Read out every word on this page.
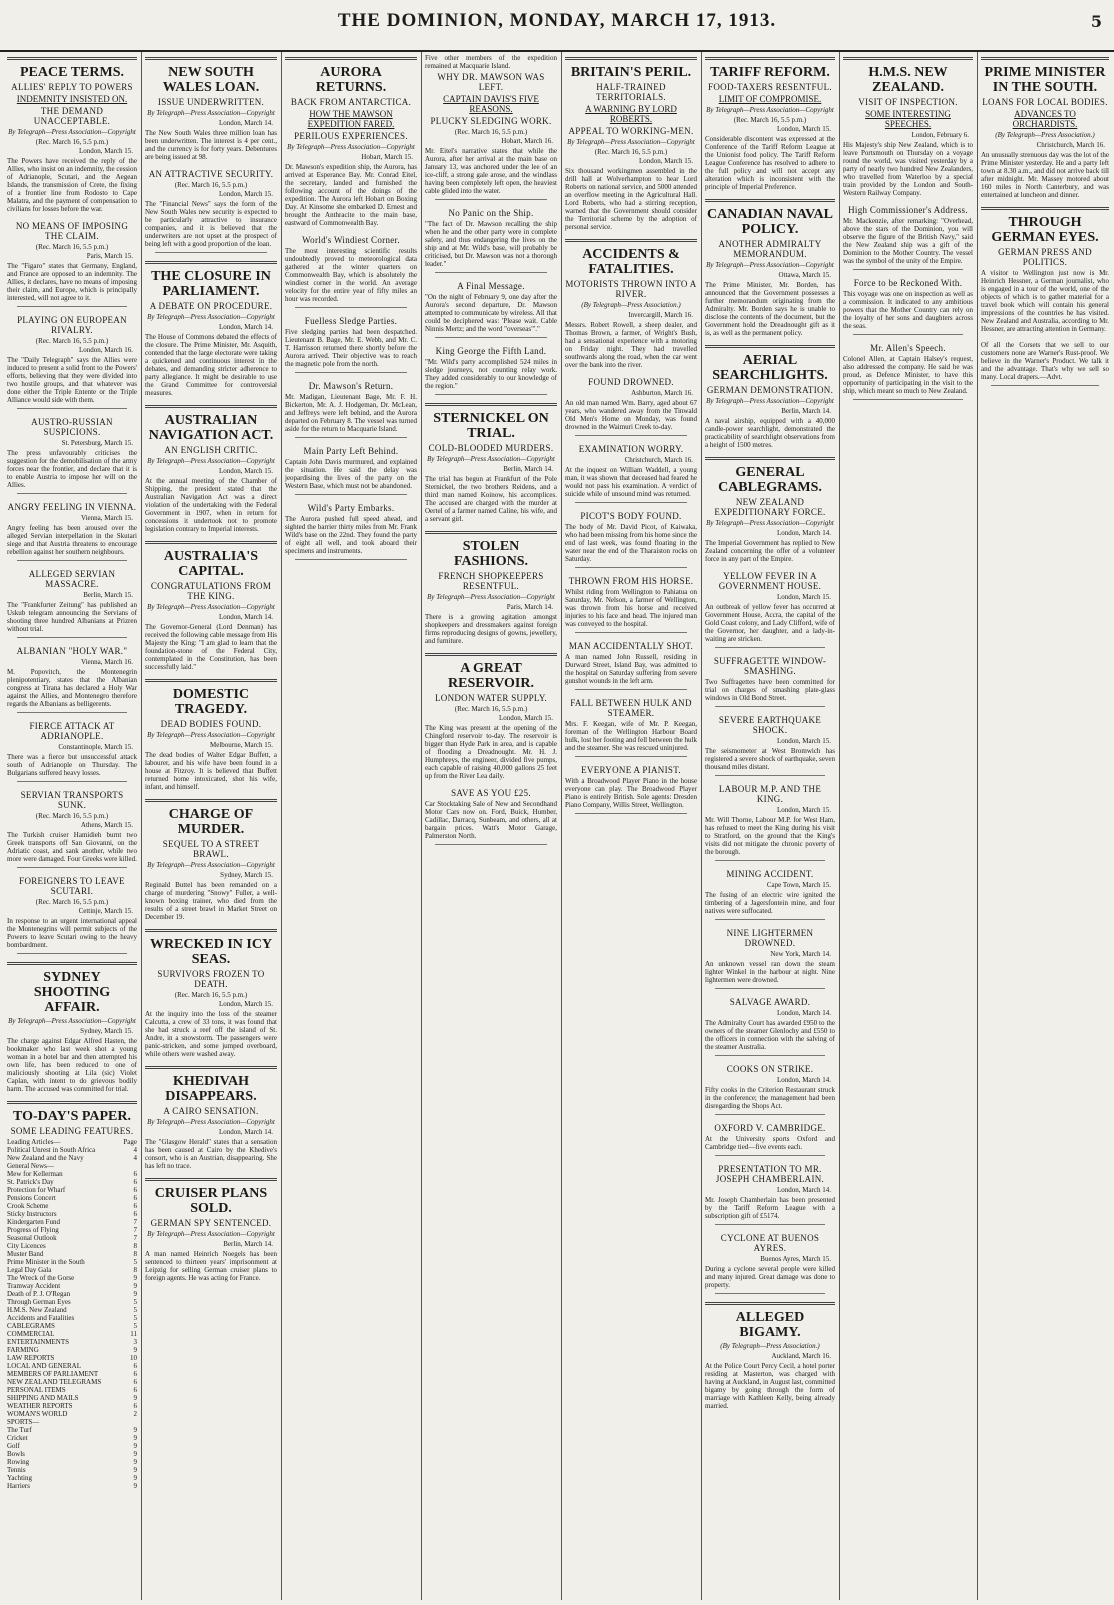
THE DOMINION, MONDAY, MARCH 17, 1913.	5
PEACE TERMS.
ALLIES' REPLY TO POWERS
INDEMNITY INSISTED ON.
THE DEMAND UNACCEPTABLE.
By Telegraph—Press Association—Copyright
(Rec. March 16, 5.5 p.m.)
London, March 15.
The Powers have received the reply of the Allies, who insist on an indemnity, the cession of Adrianople, Scutari, and the Aegean Islands, the transmission of Crete, the fixing of a frontier line from Rodosto to Cape Malatra, and the payment of compensation to civilians for losses before the war.
NO MEANS OF IMPOSING THE CLAIM.
(Rec. March 16, 5.5 p.m.)
Paris, March 15.
The "Figaro" states that Germany, England, and France are opposed to an indemnity. The Allies, it declares, have no means of imposing their claim, and Europe, which is principally interested, will not agree to it.
PLAYING ON EUROPEAN RIVALRY.
(Rec. March 16, 5.5 p.m.)
London, March 16.
The "Daily Telegraph" says the Allies were induced to present a solid front to the Powers' efforts, believing that they were divided into two hostile groups, and that whatever was done either the Triple Entente or the Triple Alliance would side with them.
AUSTRO-RUSSIAN SUSPICIONS.
St. Petersburg, March 15.
The press unfavourably criticises the suggestion for the demobilisation of the army forces near the frontier, and declare that it is to enable Austria to impose her will on the Allies.
ANGRY FEELING IN VIENNA.
Vienna, March 15.
Angry feeling has been aroused over the alleged Servian interpellation in the Skutari siege and that Austria threatens to encourage rebellion against her southern neighbours.
ALLEGED SERVIAN MASSACRE.
Berlin, March 15.
The "Frankfurter Zeitung" has published an Uskub telegram announcing the Servians of shooting three hundred Albanians at Prizren without trial.
ALBANIAN "HOLY WAR."
Vienna, March 16.
M. Popovitch, the Montenegrin plenipotentiary, states that the Albanian congress at Tirana has declared a Holy War against the Allies, and Montenegro therefore regards the Albanians as belligerents.
FIERCE ATTACK AT ADRIANOPLE.
Constantinople, March 15.
There was a fierce but unsuccessful attack south of Adrianople on Thursday. The Bulgarians suffered heavy losses.
SERVIAN TRANSPORTS SUNK.
(Rec. March 16, 5.5 p.m.)
Athens, March 15.
The Turkish cruiser Hamidieh burnt two Greek transports off San Giovanni, on the Adriatic coast, and sank another, while two more were damaged. Four Greeks were killed.
FOREIGNERS TO LEAVE SCUTARI.
(Rec. March 16, 5.5 p.m.)
Cettinje, March 15.
In response to an urgent international appeal the Montenegrins will permit subjects of the Powers to leave Scutari owing to the heavy bombardment.
SYDNEY SHOOTING AFFAIR.
By Telegraph—Press Association—Copyright
Sydney, March 15.
The charge against Edgar Alfred Hasten, the bookmaker who last week shot a young woman in a hotel bar and then attempted his own life, has been reduced to one of maliciously shooting at Lila (sic) Violet Caplan, with intent to do grievous bodily harm. The accused was committed for trial.
TO-DAY'S PAPER.
SOME LEADING FEATURES.
Leading Articles—	Page
Political Unrest in South Africa	4
New Zealand and the Navy	4
General News—
Mew for Kellerman	6
St. Patrick's Day	6
Protection for Wharf	6
Pensions Concert	6
Crook Scheme	6
Sticky Instructors	6
Kindergarten Fund	7
Progress of Flying	7
Seasonal Outlook	7
City Licences	8
Muster Band	8
Prime Minister in the South	5
Legal Day Gala	8
The Wreck of the Gorse	9
Tramway Accident	9
Death of P. J. O'Regan	9
Through German Eyes	5
H.M.S. New Zealand	5
Accidents and Fatalities	5
CABLEGRAMS	5
COMMERCIAL	11
ENTERTAINMENTS	3
FARMING	9
LAW REPORTS	10
LOCAL AND GENERAL	6
MEMBERS OF PARLIAMENT	6
NEW ZEALAND TELEGRAMS	6
PERSONAL ITEMS	6
SHIPPING AND MAILS	9
WEATHER REPORTS	6
WOMAN'S WORLD	2
SPORTS—
The Turf	9
Cricket	9
Golf	9
Bowls	9
Rowing	9
Tennis	9
Yachting	9
Harriers	9
NEW SOUTH WALES LOAN.
ISSUE UNDERWRITTEN.
By Telegraph—Press Association—Copyright
London, March 14.
The New South Wales three million loan has been underwritten. The interest is 4 per cent., and the currency is for forty years. Debentures are being issued at 98.
AN ATTRACTIVE SECURITY.
(Rec. March 16, 5.5 p.m.)
London, March 15.
The "Financial News" says the form of the New South Wales new security is expected to be particularly attractive to insurance companies, and it is believed that the underwriters are not upset at the prospect of being left with a good proportion of the loan.
THE CLOSURE IN PARLIAMENT.
A DEBATE ON PROCEDURE.
By Telegraph—Press Association—Copyright
London, March 14.
The House of Commons debated the effects of the closure. The Prime Minister, Mr. Asquith, contended that the large electorate were taking a quickened and continuous interest in the debates, and demanding stricter adherence to party allegiance. It might be desirable to use the Grand Committee for controversial measures.
AUSTRALIAN NAVIGATION ACT.
AN ENGLISH CRITIC.
By Telegraph—Press Association—Copyright
London, March 15.
At the annual meeting of the Chamber of Shipping, the president stated that the Australian Navigation Act was a direct violation of the undertaking with the Federal Government in 1907, when in return for concessions it undertook not to promote legislation contrary to Imperial interests.
AUSTRALIA'S CAPITAL.
CONGRATULATIONS FROM THE KING.
By Telegraph—Press Association—Copyright
London, March 14.
The Governor-General (Lord Denman) has received the following cable message from His Majesty the King: "I am glad to learn that the foundation-stone of the Federal City, contemplated in the Constitution, has been successfully laid."
DOMESTIC TRAGEDY.
DEAD BODIES FOUND.
By Telegraph—Press Association—Copyright
Melbourne, March 15.
The dead bodies of Walter Edgar Buffett, a labourer, and his wife have been found in a house at Fitzroy. It is believed that Buffett returned home intoxicated, shot his wife, infant, and himself.
CHARGE OF MURDER.
SEQUEL TO A STREET BRAWL.
By Telegraph—Press Association—Copyright
Sydney, March 15.
Reginald Buttel has been remanded on a charge of murdering "Snowy" Fuller, a well-known boxing trainer, who died from the results of a street brawl in Market Street on December 19.
WRECKED IN ICY SEAS.
SURVIVORS FROZEN TO DEATH.
(Rec. March 16, 5.5 p.m.)
London, March 15.
At the inquiry into the loss of the steamer Calcutta, a crew of 33 tons, it was found that she had struck a reef off the island of St. Andre, in a snowstorm. The passengers were panic-stricken, and some jumped overboard, while others were washed away.
KHEDIVAH DISAPPEARS.
A CAIRO SENSATION.
By Telegraph—Press Association—Copyright
London, March 14.
The "Glasgow Herald" states that a sensation has been caused at Cairo by the Khedive's consort, who is an Austrian, disappearing. She has left no trace.
CRUISER PLANS SOLD.
GERMAN SPY SENTENCED.
By Telegraph—Press Association—Copyright
Berlin, March 14.
A man named Heinrich Noegels has been sentenced to thirteen years' imprisonment at Leipzig for selling German cruiser plans to foreign agents. He was acting for France.
AURORA RETURNS.
BACK FROM ANTARCTICA.
HOW THE MAWSON EXPEDITION FARED.
PERILOUS EXPERIENCES.
By Telegraph—Press Association—Copyright
Hobart, March 15.
Dr. Mawson's expedition ship, the Aurora, has arrived at Esperance Bay. Mr. Conrad Eitel, the secretary, landed and furnished the following account of the doings of the expedition. The Aurora left Hobart on Boxing Day. At Kinsome she embarked D. Ernest and brought the Anthracite to the main base, eastward of Commonwealth Bay.
World's Windiest Corner.
The most interesting scientific results undoubtedly proved to meteorological data gathered at the winter quarters on Commonwealth Bay, which is absolutely the windiest corner in the world. An average velocity for the entire year of fifty miles an hour was recorded.
Fuelless Sledge Parties.
Five sledging parties had been despatched. Lieutenant B. Bage, Mr. E. Webb, and Mr. C. T. Harrisson returned there shortly before the Aurora arrived. Their objective was to reach the magnetic pole from the north.
Dr. Mawson's Return.
Mr. Madigan, Lieutenant Bage, Mr. F. H. Bickerton, Mr. A. J. Hodgeman, Dr. McLean, and Jeffreys were left behind, and the Aurora departed on February 8. The vessel was turned aside for the return to Macquarie Island.
Main Party Left Behind.
Captain John Davis murmured, and explained the situation. He said the delay was jeopardising the lives of the party on the Western Base, which must not be abandoned.
Wild's Party Embarks.
The Aurora pushed full speed ahead, and sighted the barrier thirty miles from Mr. Frank Wild's base on the 22nd. They found the party of eight all well, and took aboard their specimens and instruments.
Five other members of the expedition remained at Macquarie Island.
WHY DR. MAWSON WAS LEFT.
CAPTAIN DAVIS'S FIVE REASONS.
PLUCKY SLEDGING WORK.
(Rec. March 16, 5.5 p.m.)
Hobart, March 16.
Mr. Eitel's narrative states that while the Aurora, after her arrival at the main base on January 13, was anchored under the lee of an ice-cliff, a strong gale arose, and the windlass having been completely left open, the heaviest cable glided into the water.
No Panic on the Ship.
"The fact of Dr. Mawson recalling the ship when he and the other party were in complete safety, and thus endangering the lives on the ship and at Mr. Wild's base, will probably be criticised, but Dr. Mawson was not a thorough leader."
A Final Message.
"On the night of February 9, one day after the Aurora's second departure, Dr. Mawson attempted to communicate by wireless. All that could be deciphered was: 'Please wait. Cable Ninnis Mertz; and the word "overseas"'."
King George the Fifth Land.
"Mr. Wild's party accomplished 524 miles in sledge journeys, not counting relay work. They added considerably to our knowledge of the region."
STERNICKEL ON TRIAL.
COLD-BLOODED MURDERS.
By Telegraph—Press Association—Copyright
Berlin, March 14.
The trial has begun at Frankfurt of the Pole Sternickel, the two brothers Reidens, and a third man named Koinow, his accomplices. The accused are charged with the murder at Oertel of a farmer named Caline, his wife, and a servant girl.
STOLEN FASHIONS.
FRENCH SHOPKEEPERS RESENTFUL.
By Telegraph—Press Association—Copyright
Paris, March 14.
There is a growing agitation amongst shopkeepers and dressmakers against foreign firms reproducing designs of gowns, jewellery, and furniture.
A GREAT RESERVOIR.
LONDON WATER SUPPLY.
(Rec. March 16, 5.5 p.m.)
London, March 15.
The King was present at the opening of the Chingford reservoir to-day. The reservoir is bigger than Hyde Park in area, and is capable of flooding a Dreadnought. Mr. H. J. Humphreys, the engineer, divided five pumps, each capable of raising 40,000 gallons 25 feet up from the River Lea daily.
SAVE AS YOU £25.
Car Stocktaking Sale of New and Secondhand Motor Cars now on. Ford, Buick, Humber, Cadillac, Darracq, Sunbeam, and others, all at bargain prices. Watt's Motor Garage, Palmerston North.
BRITAIN'S PERIL.
HALF-TRAINED TERRITORIALS.
A WARNING BY LORD ROBERTS.
APPEAL TO WORKING-MEN.
By Telegraph—Press Association—Copyright
(Rec. March 16, 5.5 p.m.)
London, March 15.
Six thousand workingmen assembled in the drill hall at Wolverhampton to hear Lord Roberts on national service, and 5000 attended an overflow meeting in the Agricultural Hall. Lord Roberts, who had a stirring reception, warned that the Government should consider the Territorial scheme by the adoption of personal service.
ACCIDENTS & FATALITIES.
MOTORISTS THROWN INTO A RIVER.
(By Telegraph—Press Association.)
Invercargill, March 16.
Messrs. Robert Rowell, a sheep dealer, and Thomas Brown, a farmer, of Wright's Bush, had a sensational experience with a motoring on Friday night. They had travelled southwards along the road, when the car went over the bank into the river.
FOUND DROWNED.
Ashburton, March 16.
An old man named Wm. Barry, aged about 67 years, who wandered away from the Tinwald Old Men's Home on Monday, was found drowned in the Waimuri Creek to-day.
EXAMINATION WORRY.
Christchurch, March 16.
At the inquest on William Waddell, a young man, it was shown that deceased had feared he would not pass his examination. A verdict of suicide while of unsound mind was returned.
PICOT'S BODY FOUND.
The body of Mr. David Picot, of Kaiwaka, who had been missing from his home since the end of last week, was found floating in the water near the end of the Tharaiston rocks on Saturday.
THROWN FROM HIS HORSE.
Whilst riding from Wellington to Pahiatua on Saturday, Mr. Nelson, a farmer of Wellington, was thrown from his horse and received injuries to his face and head. The injured man was conveyed to the hospital.
MAN ACCIDENTALLY SHOT.
A man named John Russell, residing in Durward Street, Island Bay, was admitted to the hospital on Saturday suffering from severe gunshot wounds in the left arm.
FALL BETWEEN HULK AND STEAMER.
Mrs. F. Keegan, wife of Mr. P. Keegan, foreman of the Wellington Harbour Board hulk, lost her footing and fell between the hulk and the steamer. She was rescued uninjured.
EVERYONE A PIANIST.
With a Broadwood Player Piano in the house everyone can play. The Broadwood Player Piano is entirely British. Sole agents: Dresden Piano Company, Willis Street, Wellington.
TARIFF REFORM.
FOOD-TAXERS RESENTFUL.
LIMIT OF COMPROMISE.
By Telegraph—Press Association—Copyright
(Rec. March 16, 5.5 p.m.)
London, March 15.
Considerable discontent was expressed at the Conference of the Tariff Reform League at the Unionist food policy. The Tariff Reform League Conference has resolved to adhere to the full policy and will not accept any alteration which is inconsistent with the principle of Imperial Preference.
CANADIAN NAVAL POLICY.
ANOTHER ADMIRALTY MEMORANDUM.
By Telegraph—Press Association—Copyright
Ottawa, March 15.
The Prime Minister, Mr. Borden, has announced that the Government possesses a further memorandum originating from the Admiralty. Mr. Borden says he is unable to disclose the contents of the document, but the Government hold the Dreadnought gift as it is, as well as the permanent policy.
AERIAL SEARCHLIGHTS.
GERMAN DEMONSTRATION.
By Telegraph—Press Association—Copyright
Berlin, March 14.
A naval airship, equipped with a 40,000 candle-power searchlight, demonstrated the practicability of searchlight observations from a height of 1500 metres.
GENERAL CABLEGRAMS.
NEW ZEALAND EXPEDITIONARY FORCE.
By Telegraph—Press Association—Copyright
London, March 14.
The Imperial Government has replied to New Zealand concerning the offer of a volunteer force in any part of the Empire.
YELLOW FEVER IN A GOVERNMENT HOUSE.
London, March 15.
An outbreak of yellow fever has occurred at Government House, Accra, the capital of the Gold Coast colony, and Lady Clifford, wife of the Governor, her daughter, and a lady-in-waiting are stricken.
SUFFRAGETTE WINDOW-SMASHING.
Two Suffragettes have been committed for trial on charges of smashing plate-glass windows in Old Bond Street.
SEVERE EARTHQUAKE SHOCK.
London, March 15.
The seismometer at West Bromwich has registered a severe shock of earthquake, seven thousand miles distant.
LABOUR M.P. AND THE KING.
London, March 15.
Mr. Will Thorne, Labour M.P. for West Ham, has refused to meet the King during his visit to Stratford, on the ground that the King's visits did not mitigate the chronic poverty of the borough.
MINING ACCIDENT.
Cape Town, March 15.
The fusing of an electric wire ignited the timbering of a Jagersfontein mine, and four natives were suffocated.
NINE LIGHTERMEN DROWNED.
New York, March 14.
An unknown vessel ran down the steam lighter Winkel in the harbour at night. Nine lightermen were drowned.
SALVAGE AWARD.
London, March 14.
The Admiralty Court has awarded £950 to the owners of the steamer Glenlochy and £550 to the officers in connection with the salving of the steamer Australia.
COOKS ON STRIKE.
London, March 14.
Fifty cooks in the Criterion Restaurant struck in the conference; the management had been disregarding the Shops Act.
OXFORD V. CAMBRIDGE.
At the University sports Oxford and Cambridge tied—five events each.
PRESENTATION TO MR. JOSEPH CHAMBERLAIN.
London, March 14.
Mr. Joseph Chamberlain has been presented by the Tariff Reform League with a subscription gift of £5174.
CYCLONE AT BUENOS AYRES.
Buenos Ayres, March 15.
During a cyclone several people were killed and many injured. Great damage was done to property.
ALLEGED BIGAMY.
(By Telegraph—Press Association.)
Auckland, March 16.
At the Police Court Percy Cecil, a hotel porter residing at Masterton, was charged with having at Auckland, in August last, committed bigamy by going through the form of marriage with Kathleen Kelly, being already married.
H.M.S. NEW ZEALAND.
VISIT OF INSPECTION.
SOME INTERESTING SPEECHES.
London, February 6.
His Majesty's ship New Zealand, which is to leave Portsmouth on Thursday on a voyage round the world, was visited yesterday by a party of nearly two hundred New Zealanders, who travelled from Waterloo by a special train provided by the London and South-Western Railway Company.
High Commissioner's Address.
Mr. Mackenzie, after remarking: "Overhead, above the stars of the Dominion, you will observe the figure of the British Navy," said the New Zealand ship was a gift of the Dominion to the Mother Country. The vessel was the symbol of the unity of the Empire.
Force to be Reckoned With.
This voyage was one on inspection as well as a commission. It indicated to any ambitious powers that the Mother Country can rely on the loyalty of her sons and daughters across the seas.
Mr. Allen's Speech.
Colonel Allen, at Captain Halsey's request, also addressed the company. He said he was proud, as Defence Minister, to have this opportunity of participating in the visit to the ship, which meant so much to New Zealand.
PRIME MINISTER IN THE SOUTH.
LOANS FOR LOCAL BODIES.
ADVANCES TO ORCHARDISTS.
(By Telegraph—Press Association.)
Christchurch, March 16.
An unusually strenuous day was the lot of the Prime Minister yesterday. He and a party left town at 8.30 a.m., and did not arrive back till after midnight. Mr. Massey motored about 160 miles in North Canterbury, and was entertained at luncheon and dinner.
THROUGH GERMAN EYES.
GERMAN PRESS AND POLITICS.
A visitor to Wellington just now is Mr. Heinrich Hessner, a German journalist, who is engaged in a tour of the world, one of the objects of which is to gather material for a travel book which will contain his general impressions of the countries he has visited. New Zealand and Australia, according to Mr. Hessner, are attracting attention in Germany.
Of all the Corsets that we sell to our customers none are Warner's Rust-proof. We believe in the Warner's Product. We talk it and the advantage. That's why we sell so many. Local drapers.—Advt.
